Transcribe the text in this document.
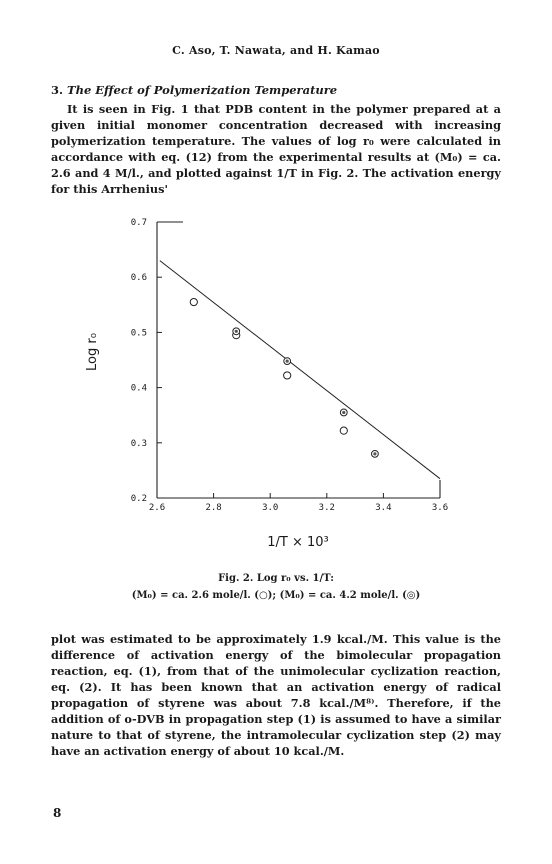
C. Aso, T. Nawata, and H. Kamao
3. The Effect of Polymerization Temperature

It is seen in Fig. 1 that PDB content in the polymer prepared at a given initial monomer concentration decreased with increasing polymerization temperature. The values of log r₀ were calculated in accordance with eq. (12) from the experimental results at (M₀) = ca. 2.6 and 4 M/l., and plotted against 1/T in Fig. 2. The activation energy for this Arrhenius'

0.2
0.3
0.4
0.5
0.6
0.7
2.6	2.8	3.0	3.2	3.4	3.6
Log r₀
1/T × 10³
Fig. 2. Log r₀ vs. 1/T:
(M₀) = ca. 2.6 mole/l. (○); (M₀) = ca. 4.2 mole/l. (◎)

plot was estimated to be approximately 1.9 kcal./M. This value is the difference of activation energy of the bimolecular propagation reaction, eq. (1), from that of the unimolecular cyclization reaction, eq. (2). It has been known that an activation energy of radical propagation of styrene was about 7.8 kcal./M⁸⁾. Therefore, if the addition of o-DVB in propagation step (1) is assumed to have a similar nature to that of styrene, the intramolecular cyclization step (2) may have an activation energy of about 10 kcal./M.

8
